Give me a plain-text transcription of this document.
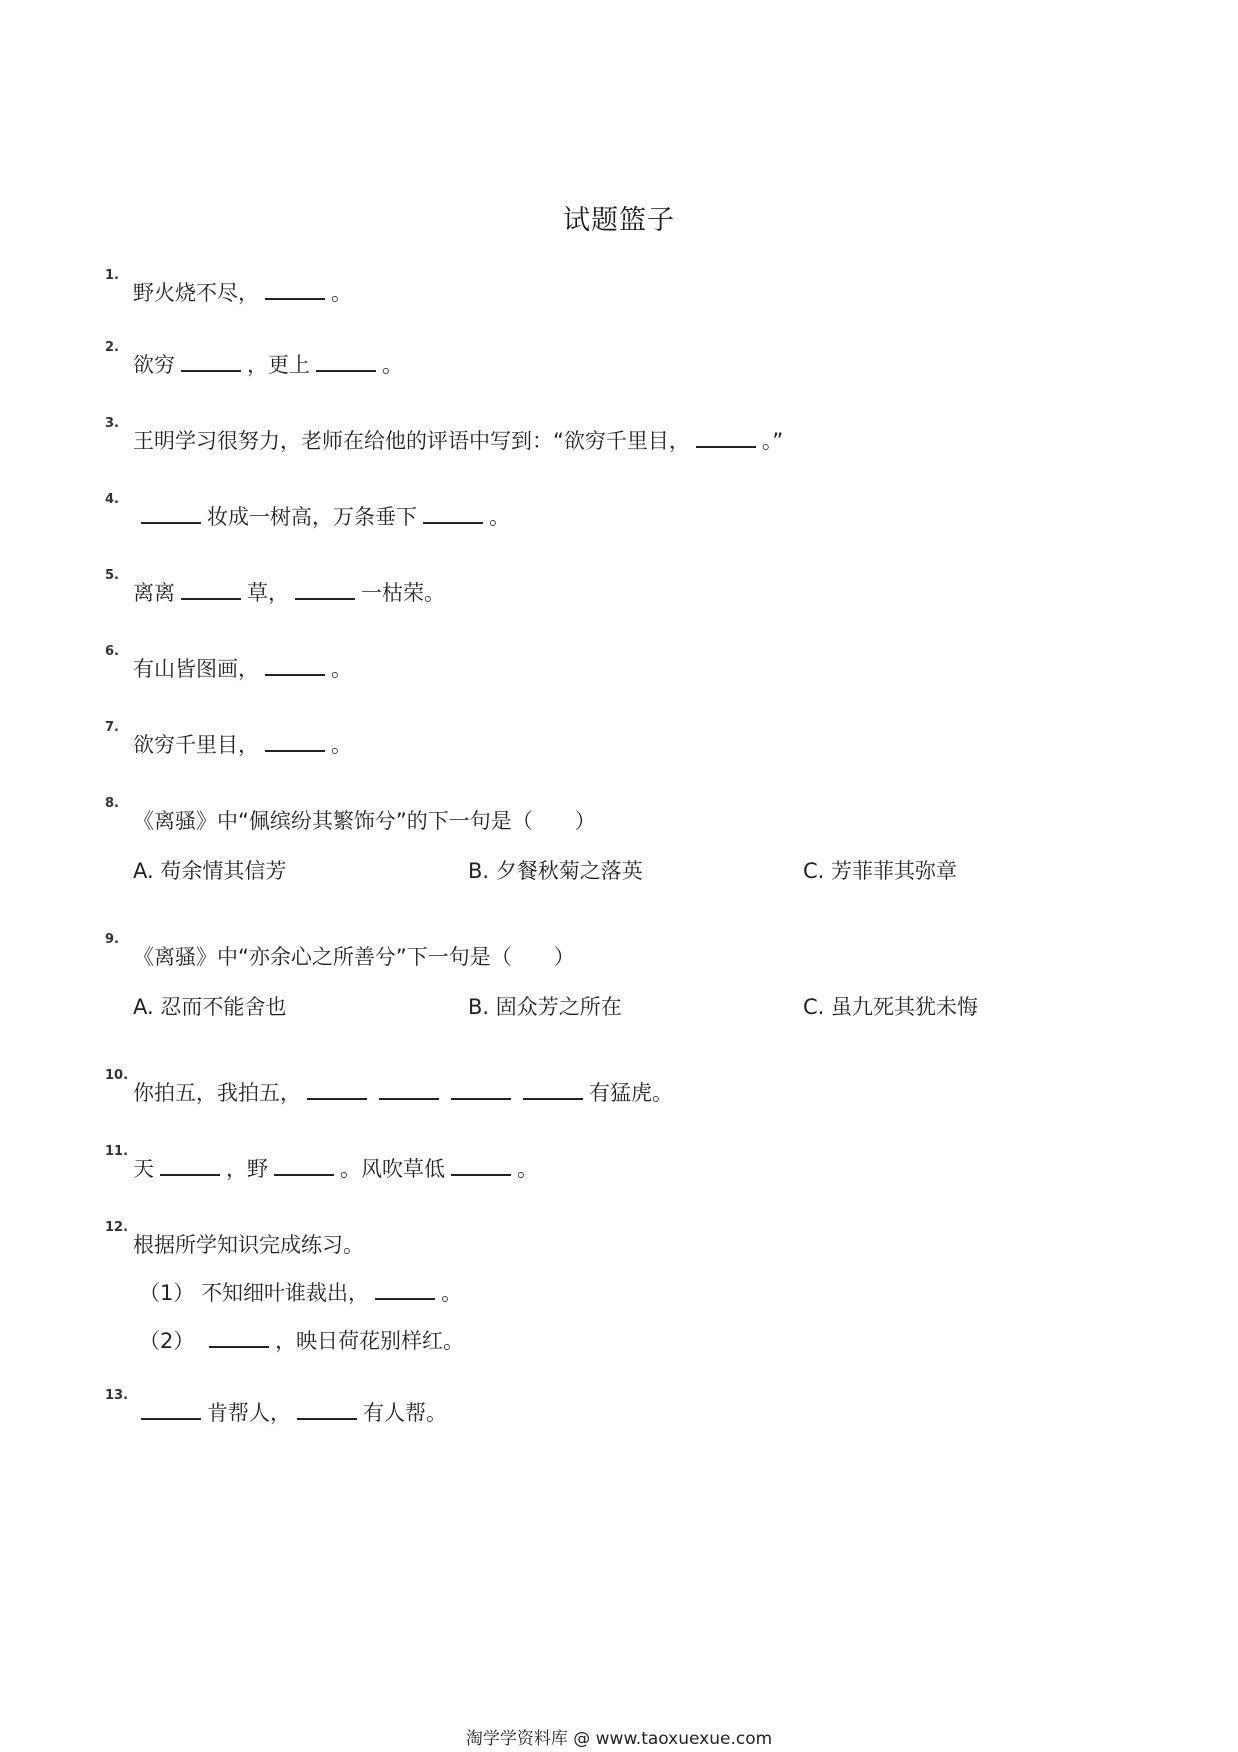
试题篮子
1.
野火烧不尽，	。
2.
欲穷	，更上	。
3.
王明学习很努力，老师在给他的评语中写到：“欲穷千里目，	。”
4.
妆成一树高，万条垂下	。
5.
离离	草，	一枯荣。
6.
有山皆图画，	。
7.
欲穷千里目，	。
8.
《离骚》中“佩缤纷其繁饰兮”的下一句是（　　）
A. 苟余情其信芳	B. 夕餐秋菊之落英	C. 芳菲菲其弥章
9.
《离骚》中“亦余心之所善兮”下一句是（　　）
A. 忍而不能舍也	B. 固众芳之所在	C. 虽九死其犹未悔
10.
你拍五，我拍五，	有猛虎。
11.
天	，野	。风吹草低	。
12.
根据所学知识完成练习。
（1） 不知细叶谁裁出，	。
（2）	，映日荷花别样红。
13.
肯帮人，	有人帮。
淘学学资料库 @ www.taoxuexue.com
